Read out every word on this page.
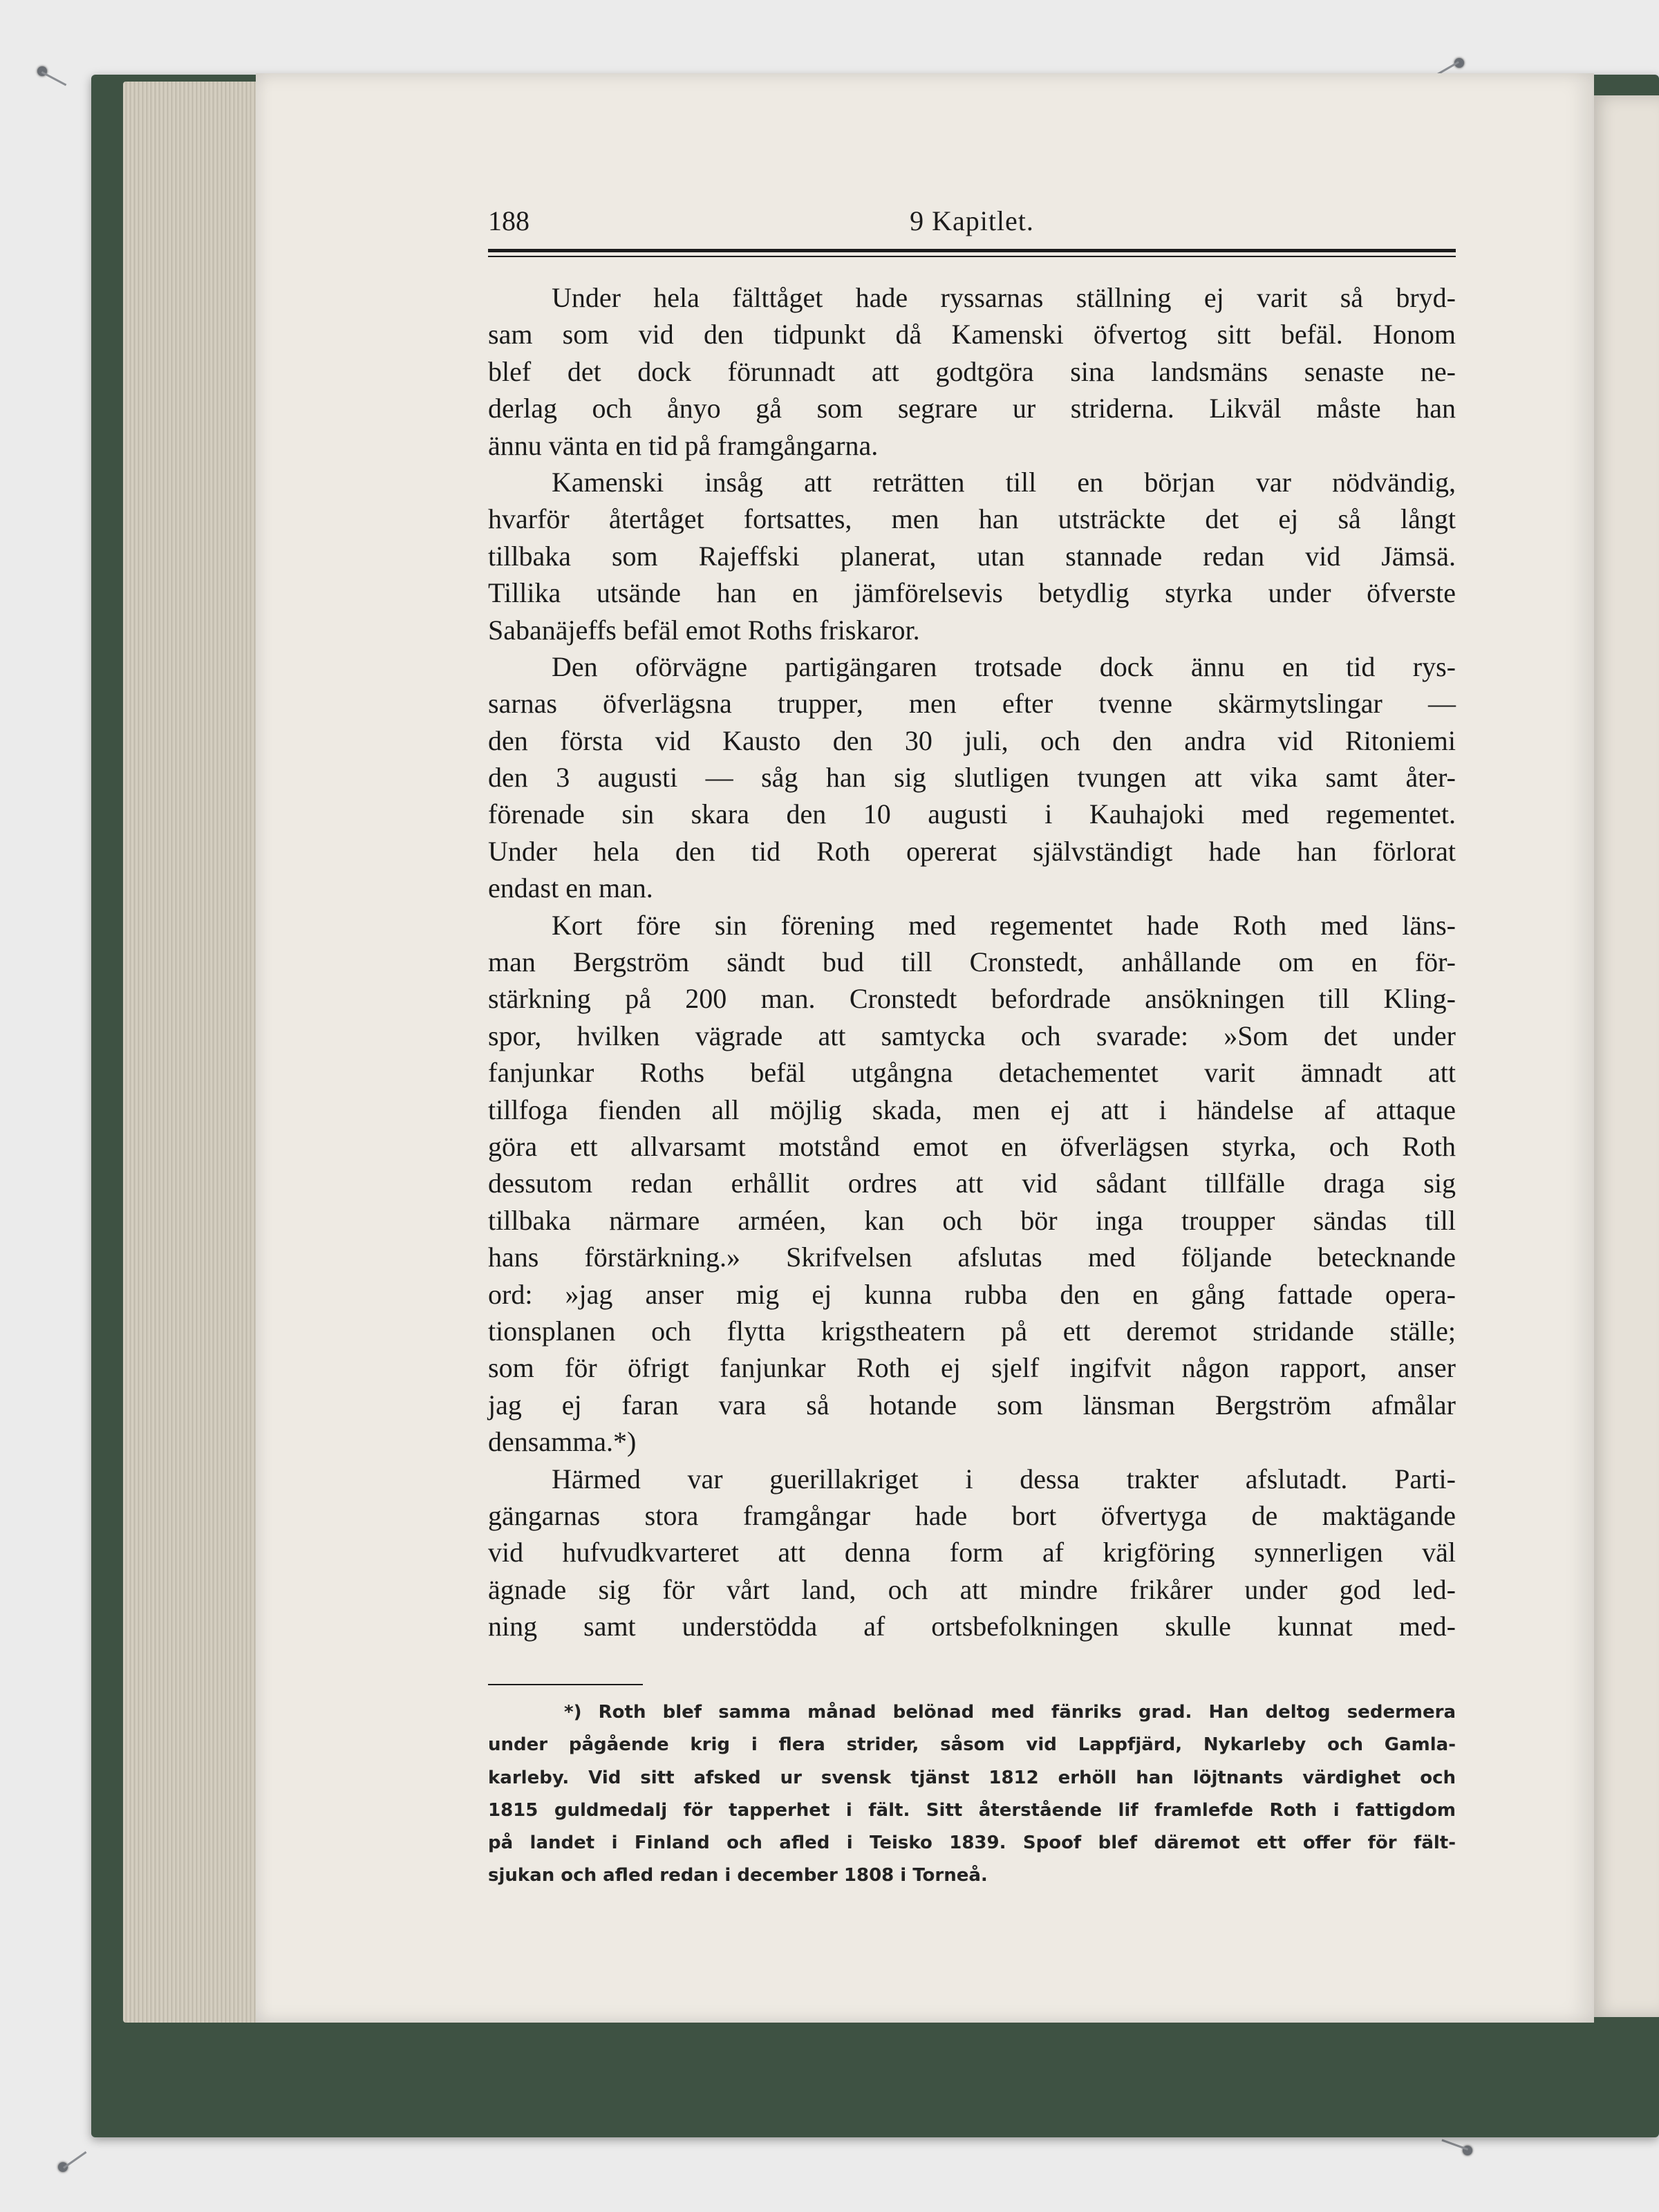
188	9 Kapitlet.
Under hela fälttåget hade ryssarnas ställning ej varit så bryd-
sam som vid den tidpunkt då Kamenski öfvertog sitt befäl. Honom
blef det dock förunnadt att godtgöra sina landsmäns senaste ne-
derlag och ånyo gå som segrare ur striderna. Likväl måste han
ännu vänta en tid på framgångarna.
Kamenski insåg att reträtten till en början var nödvändig,
hvarför återtåget fortsattes, men han utsträckte det ej så långt
tillbaka som Rajeffski planerat, utan stannade redan vid Jämsä.
Tillika utsände han en jämförelsevis betydlig styrka under öfverste
Sabanäjeffs befäl emot Roths friskaror.
Den oförvägne partigängaren trotsade dock ännu en tid rys-
sarnas öfverlägsna trupper, men efter tvenne skärmytslingar —
den första vid Kausto den 30 juli, och den andra vid Ritoniemi
den 3 augusti — såg han sig slutligen tvungen att vika samt åter-
förenade sin skara den 10 augusti i Kauhajoki med regementet.
Under hela den tid Roth opererat självständigt hade han förlorat
endast en man.
Kort före sin förening med regementet hade Roth med läns-
man Bergström sändt bud till Cronstedt, anhållande om en för-
stärkning på 200 man. Cronstedt befordrade ansökningen till Kling-
spor, hvilken vägrade att samtycka och svarade: »Som det under
fanjunkar Roths befäl utgångna detachementet varit ämnadt att
tillfoga fienden all möjlig skada, men ej att i händelse af attaque
göra ett allvarsamt motstånd emot en öfverlägsen styrka, och Roth
dessutom redan erhållit ordres att vid sådant tillfälle draga sig
tillbaka närmare arméen, kan och bör inga troupper sändas till
hans förstärkning.» Skrifvelsen afslutas med följande betecknande
ord: »jag anser mig ej kunna rubba den en gång fattade opera-
tionsplanen och flytta krigstheatern på ett deremot stridande ställe;
som för öfrigt fanjunkar Roth ej sjelf ingifvit någon rapport, anser
jag ej faran vara så hotande som länsman Bergström afmålar
densamma.*)
Härmed var guerillakriget i dessa trakter afslutadt. Parti-
gängarnas stora framgångar hade bort öfvertyga de maktägande
vid hufvudkvarteret att denna form af krigföring synnerligen väl
ägnade sig för vårt land, och att mindre frikårer under god led-
ning samt understödda af ortsbefolkningen skulle kunnat med-
*) Roth blef samma månad belönad med fänriks grad. Han deltog sedermera
under pågående krig i flera strider, såsom vid Lappfjärd, Nykarleby och Gamla-
karleby. Vid sitt afsked ur svensk tjänst 1812 erhöll han löjtnants värdighet och
1815 guldmedalj för tapperhet i fält. Sitt återstående lif framlefde Roth i fattigdom
på landet i Finland och afled i Teisko 1839. Spoof blef däremot ett offer för fält-
sjukan och afled redan i december 1808 i Torneå.
